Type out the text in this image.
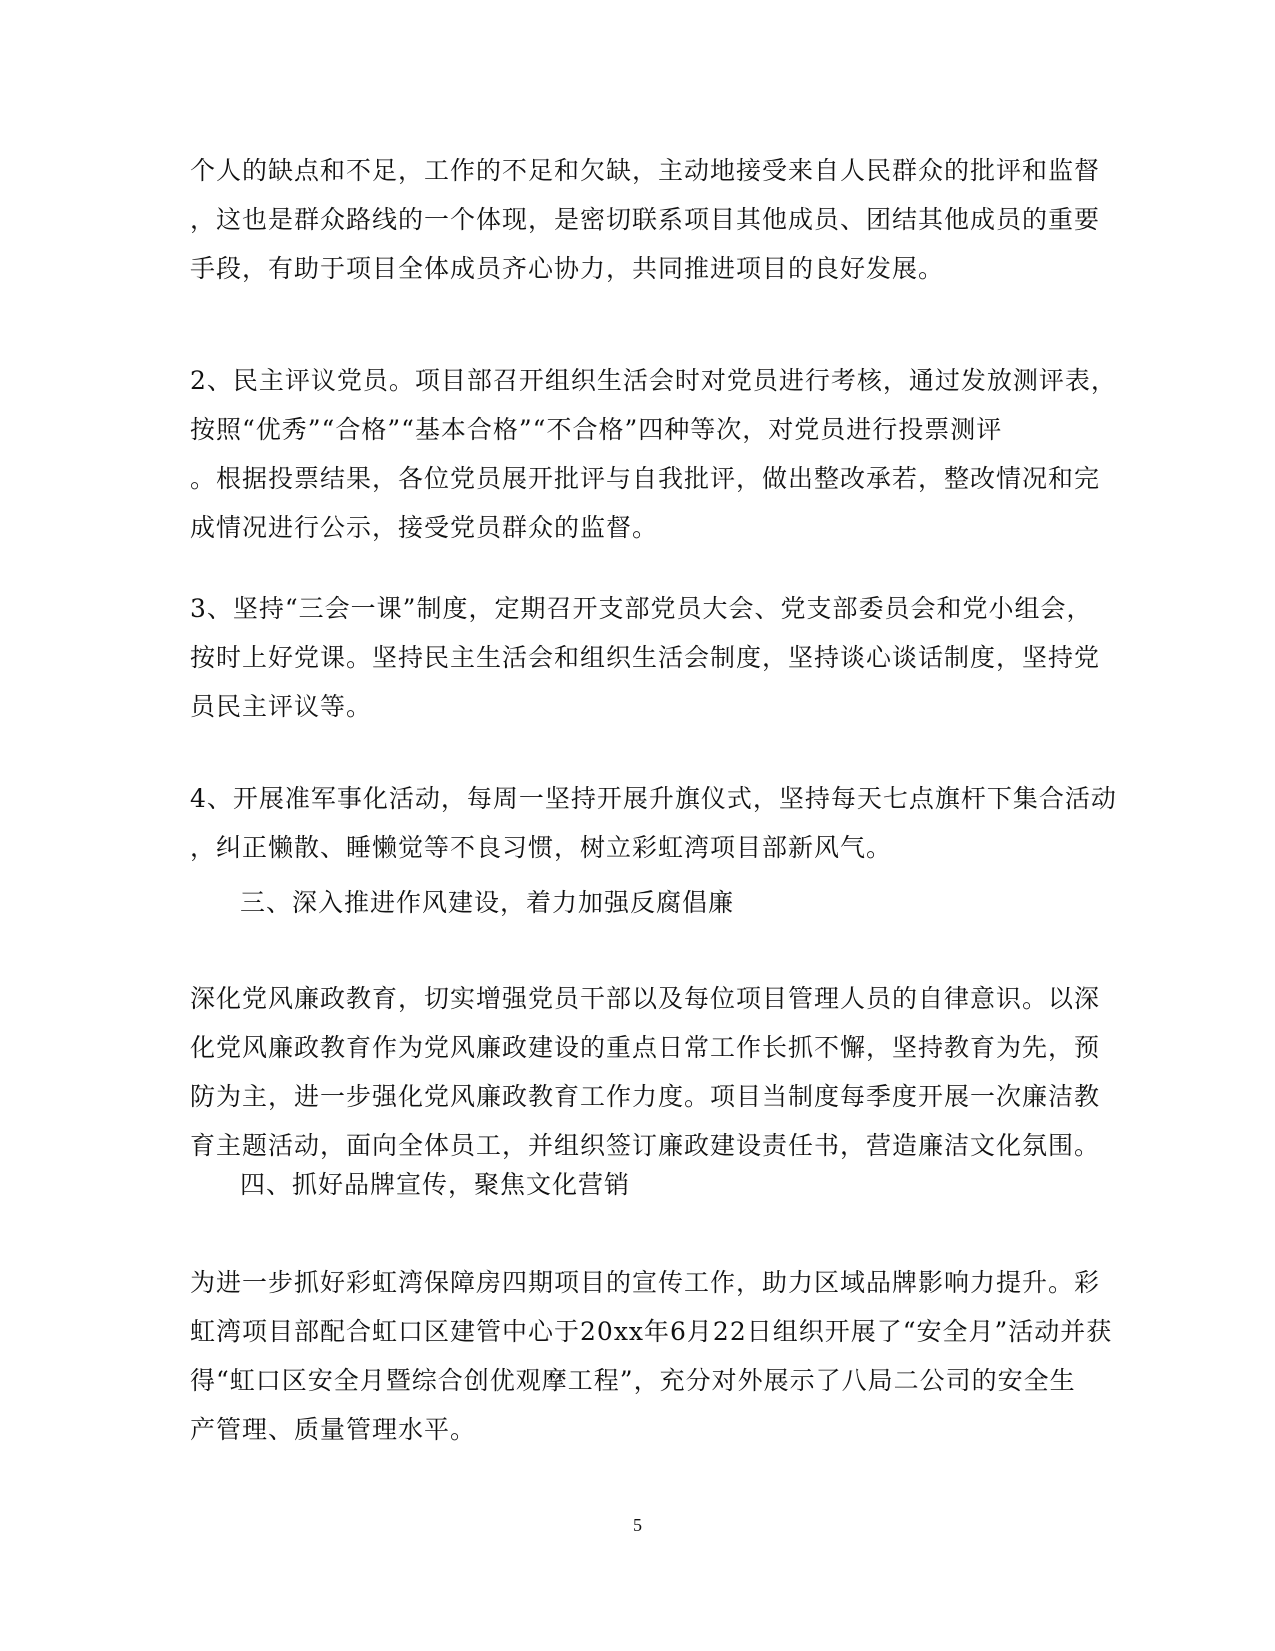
个人的缺点和不足，工作的不足和欠缺，主动地接受来自人民群众的批评和监督
，这也是群众路线的一个体现，是密切联系项目其他成员、团结其他成员的重要
手段，有助于项目全体成员齐心协力，共同推进项目的良好发展。
2、民主评议党员。项目部召开组织生活会时对党员进行考核，通过发放测评表，
按照“优秀”“合格”“基本合格”“不合格”四种等次，对党员进行投票测评
。根据投票结果，各位党员展开批评与自我批评，做出整改承若，整改情况和完
成情况进行公示，接受党员群众的监督。
3、坚持“三会一课”制度，定期召开支部党员大会、党支部委员会和党小组会，
按时上好党课。坚持民主生活会和组织生活会制度，坚持谈心谈话制度，坚持党
员民主评议等。
4、开展准军事化活动，每周一坚持开展升旗仪式，坚持每天七点旗杆下集合活动
，纠正懒散、睡懒觉等不良习惯，树立彩虹湾项目部新风气。
三、深入推进作风建设，着力加强反腐倡廉
深化党风廉政教育，切实增强党员干部以及每位项目管理人员的自律意识。以深
化党风廉政教育作为党风廉政建设的重点日常工作长抓不懈，坚持教育为先，预
防为主，进一步强化党风廉政教育工作力度。项目当制度每季度开展一次廉洁教
育主题活动，面向全体员工，并组织签订廉政建设责任书，营造廉洁文化氛围。
四、抓好品牌宣传，聚焦文化营销
为进一步抓好彩虹湾保障房四期项目的宣传工作，助力区域品牌影响力提升。彩
虹湾项目部配合虹口区建管中心于20xx年6月22日组织开展了“安全月”活动并获
得“虹口区安全月暨综合创优观摩工程”，充分对外展示了八局二公司的安全生
产管理、质量管理水平。
5
